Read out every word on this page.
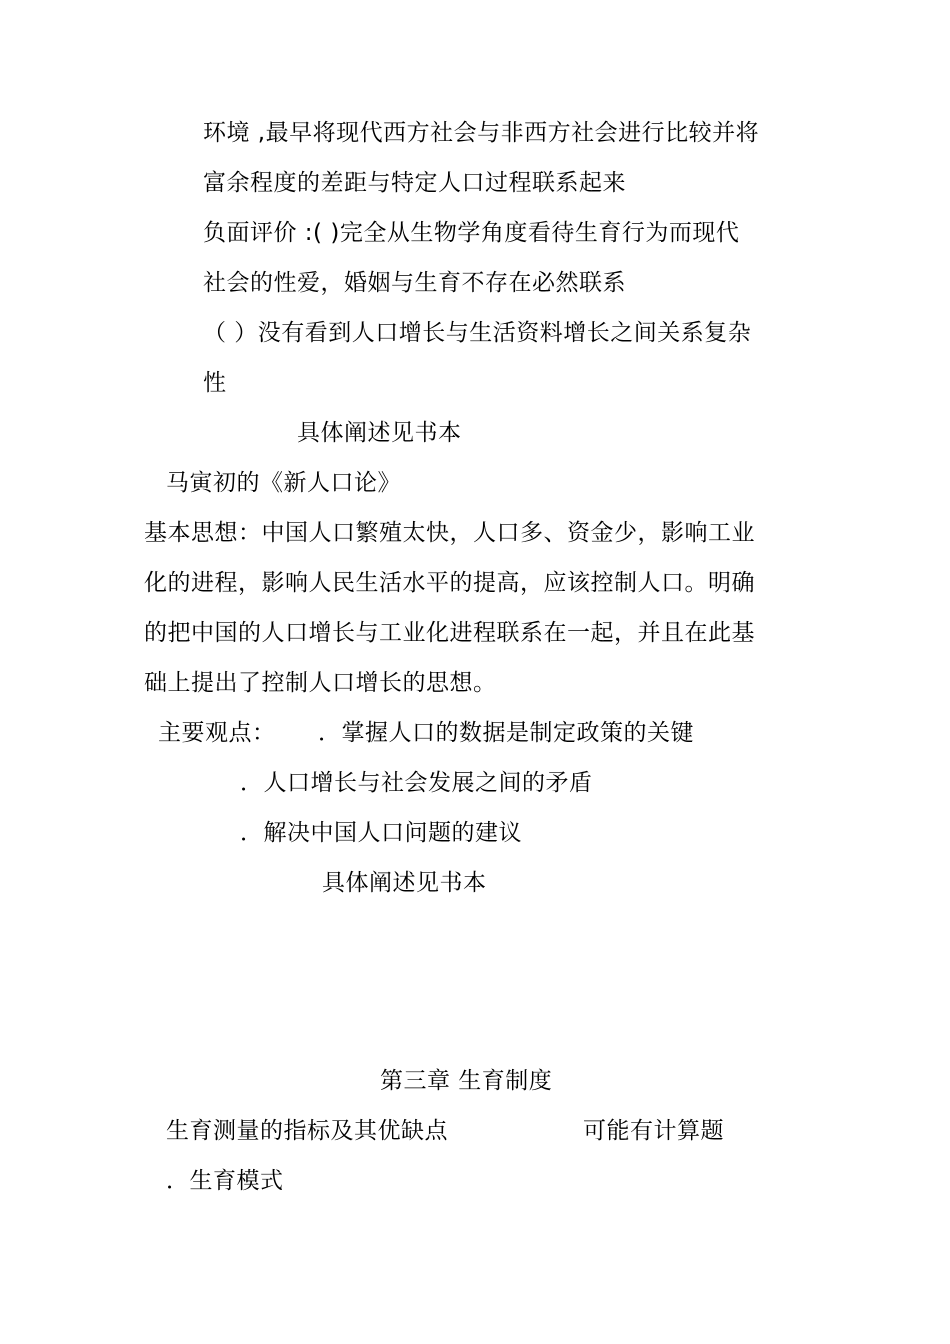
环境 ,最早将现代西方社会与非西方社会进行比较并将
富余程度的差距与特定人口过程联系起来
负面评价 :( )完全从生物学角度看待生育行为而现代
社会的性爱，婚姻与生育不存在必然联系
（ ）没有看到人口增长与生活资料增长之间关系复杂
性
具体阐述见书本
马寅初的《新人口论》
基本思想：中国人口繁殖太快，人口多、资金少，影响工业
化的进程，影响人民生活水平的提高，应该控制人口。明确
的把中国的人口增长与工业化进程联系在一起，并且在此基
础上提出了控制人口增长的思想。
主要观点： ．掌握人口的数据是制定政策的关键
．人口增长与社会发展之间的矛盾
．解决中国人口问题的建议
具体阐述见书本
第三章 生育制度
生育测量的指标及其优缺点	可能有计算题
．生育模式
